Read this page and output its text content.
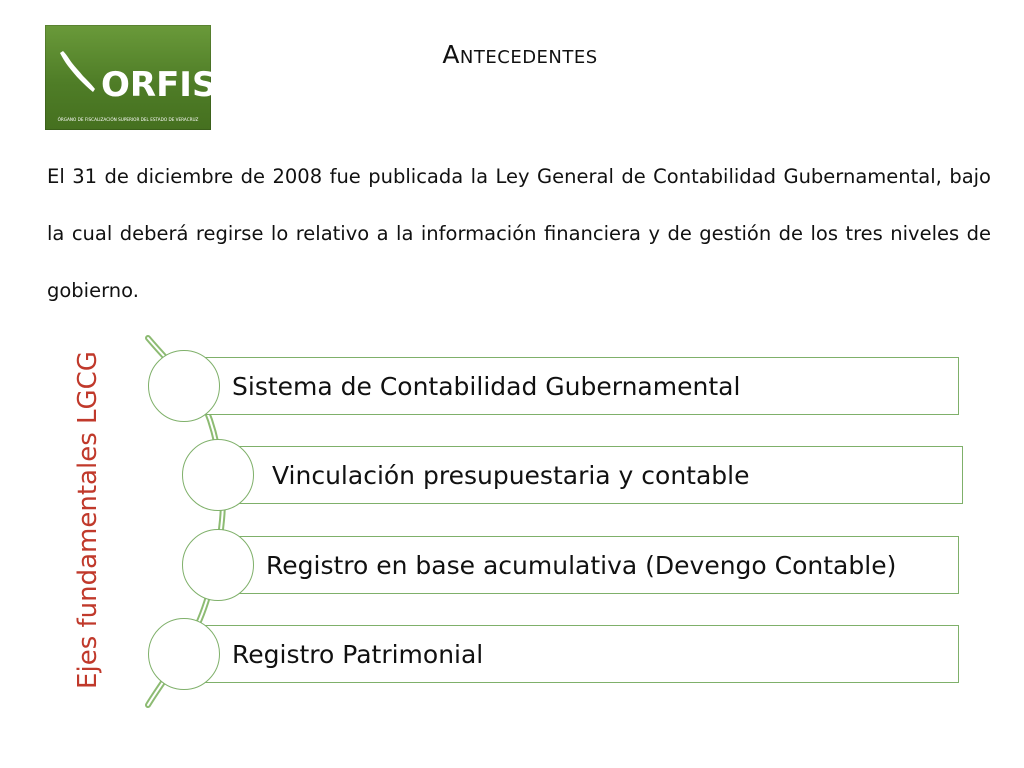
ORFIS
ÓRGANO DE FISCALIZACIÓN SUPERIOR DEL ESTADO DE VERACRUZ
Antecedentes
El 31 de diciembre de 2008 fue publicada la Ley General de Contabilidad Gubernamental, bajo la cual deberá regirse lo relativo a la información financiera y de gestión de los tres niveles de gobierno.
Ejes fundamentales LGCG	Sistema de Contabilidad Gubernamental
Vinculación presupuestaria y contable
Registro en base acumulativa (Devengo Contable)
Registro Patrimonial
